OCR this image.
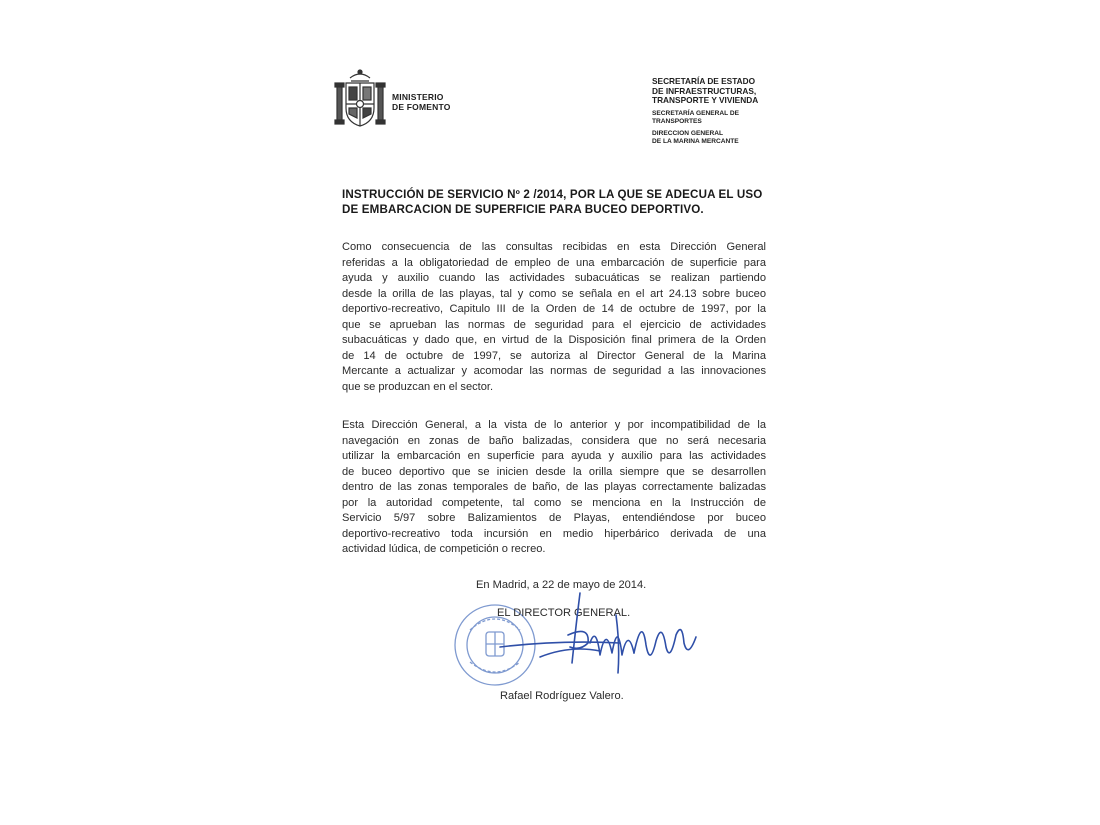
MINISTERIO
DE FOMENTO
SECRETARÍA DE ESTADO
DE INFRAESTRUCTURAS,
TRANSPORTE Y VIVIENDA
SECRETARÍA GENERAL DE
TRANSPORTES
DIRECCION GENERAL
DE LA MARINA MERCANTE
INSTRUCCIÓN DE SERVICIO Nº 2 /2014, POR LA QUE SE ADECUA EL USO
DE EMBARCACION DE SUPERFICIE PARA BUCEO DEPORTIVO.
Como consecuencia de las consultas recibidas en esta Dirección General
referidas a la obligatoriedad de empleo de una embarcación de superficie para
ayuda y auxilio cuando las actividades subacuáticas se realizan partiendo
desde la orilla de las playas, tal y como se señala en el art 24.13 sobre buceo
deportivo-recreativo, Capitulo III de la Orden de 14 de octubre de 1997, por la
que se aprueban las normas de seguridad para el ejercicio de actividades
subacuáticas y dado que, en virtud de la Disposición final primera de la Orden
de 14 de octubre de 1997, se autoriza al Director General de la Marina
Mercante a actualizar y acomodar las normas de seguridad a las innovaciones
que se produzcan en el sector.
Esta Dirección General, a la vista de lo anterior y por incompatibilidad de la
navegación en zonas de baño balizadas, considera que no será necesaria
utilizar la embarcación en superficie para ayuda y auxilio para las actividades
de buceo deportivo que se inicien desde la orilla siempre que se desarrollen
dentro de las zonas temporales de baño, de las playas correctamente balizadas
por la autoridad competente, tal como se menciona en la Instrucción de
Servicio 5/97 sobre Balizamientos de Playas, entendiéndose por buceo
deportivo-recreativo toda incursión en medio hiperbárico derivada de una
actividad lúdica, de competición o recreo.
En Madrid, a 22 de mayo de 2014.
EL DIRECTOR GENERAL.
Rafael Rodríguez Valero.
